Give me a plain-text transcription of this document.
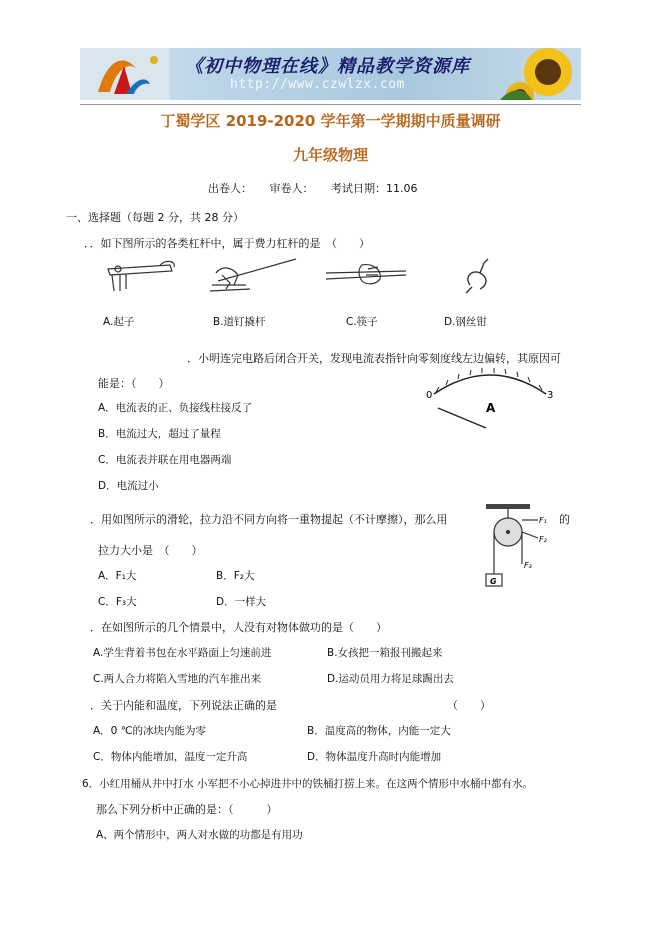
《初中物理在线》精品教学资源库
http://www.czwlzx.com
丁蜀学区 2019-2020 学年第一学期期中质量调研
九年级物理
出卷人： 审卷人： 考试日期：11.06
一、选择题（每题 2 分，共 28 分）
．．如下图所示的各类杠杆中，属于费力杠杆的是　（　　）
A.起子	B.道钉撬杆	C.筷子	D.钢丝钳
．小明连完电路后闭合开关，发现电流表指针向零刻度线左边偏转，其原因可
能是：（　　）
A．电流表的正、负接线柱接反了
B．电流过大，超过了量程
C．电流表并联在用电器两端
D．电流过小
0	3
A
．用如图所示的滑轮，拉力沿不同方向将一重物提起（不计摩擦），那么用	的
拉力大小是　（　　）
A．F₁大	B．F₂大
C．F₃大	D．一样大
F₁
F₂
F₃
G
．在如图所示的几个情景中，人没有对物体做功的是（　　）
A.学生背着书包在水平路面上匀速前进	B.女孩把一箱报刊搬起来
C.两人合力将陷入雪地的汽车推出来	D.运动员用力将足球踢出去
．关于内能和温度，下列说法正确的是	（　　）
A．0 ℃的冰块内能为零	B．温度高的物体，内能一定大
C．物体内能增加，温度一定升高	D．物体温度升高时内能增加
6．小红用桶从井中打水 小军把不小心掉进井中的铁桶打捞上来。在这两个情形中水桶中都有水。
那么下列分析中正确的是：（　　　）
A、两个情形中，两人对水做的功都是有用功
